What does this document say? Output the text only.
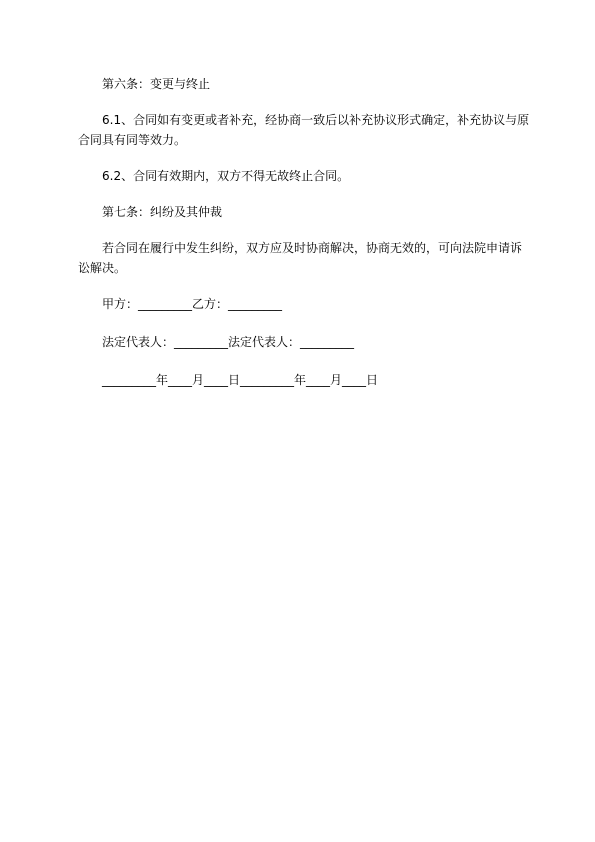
第六条：变更与终止

6.1、合同如有变更或者补充，经协商一致后以补充协议形式确定，补充协议与原合同具有同等效力。

6.2、合同有效期内，双方不得无故终止合同。

第七条：纠纷及其仲裁

若合同在履行中发生纠纷，双方应及时协商解决，协商无效的，可向法院申请诉讼解决。

甲方：_________乙方：_________

法定代表人：_________法定代表人：_________

_________年____月____日_________年____月____日
